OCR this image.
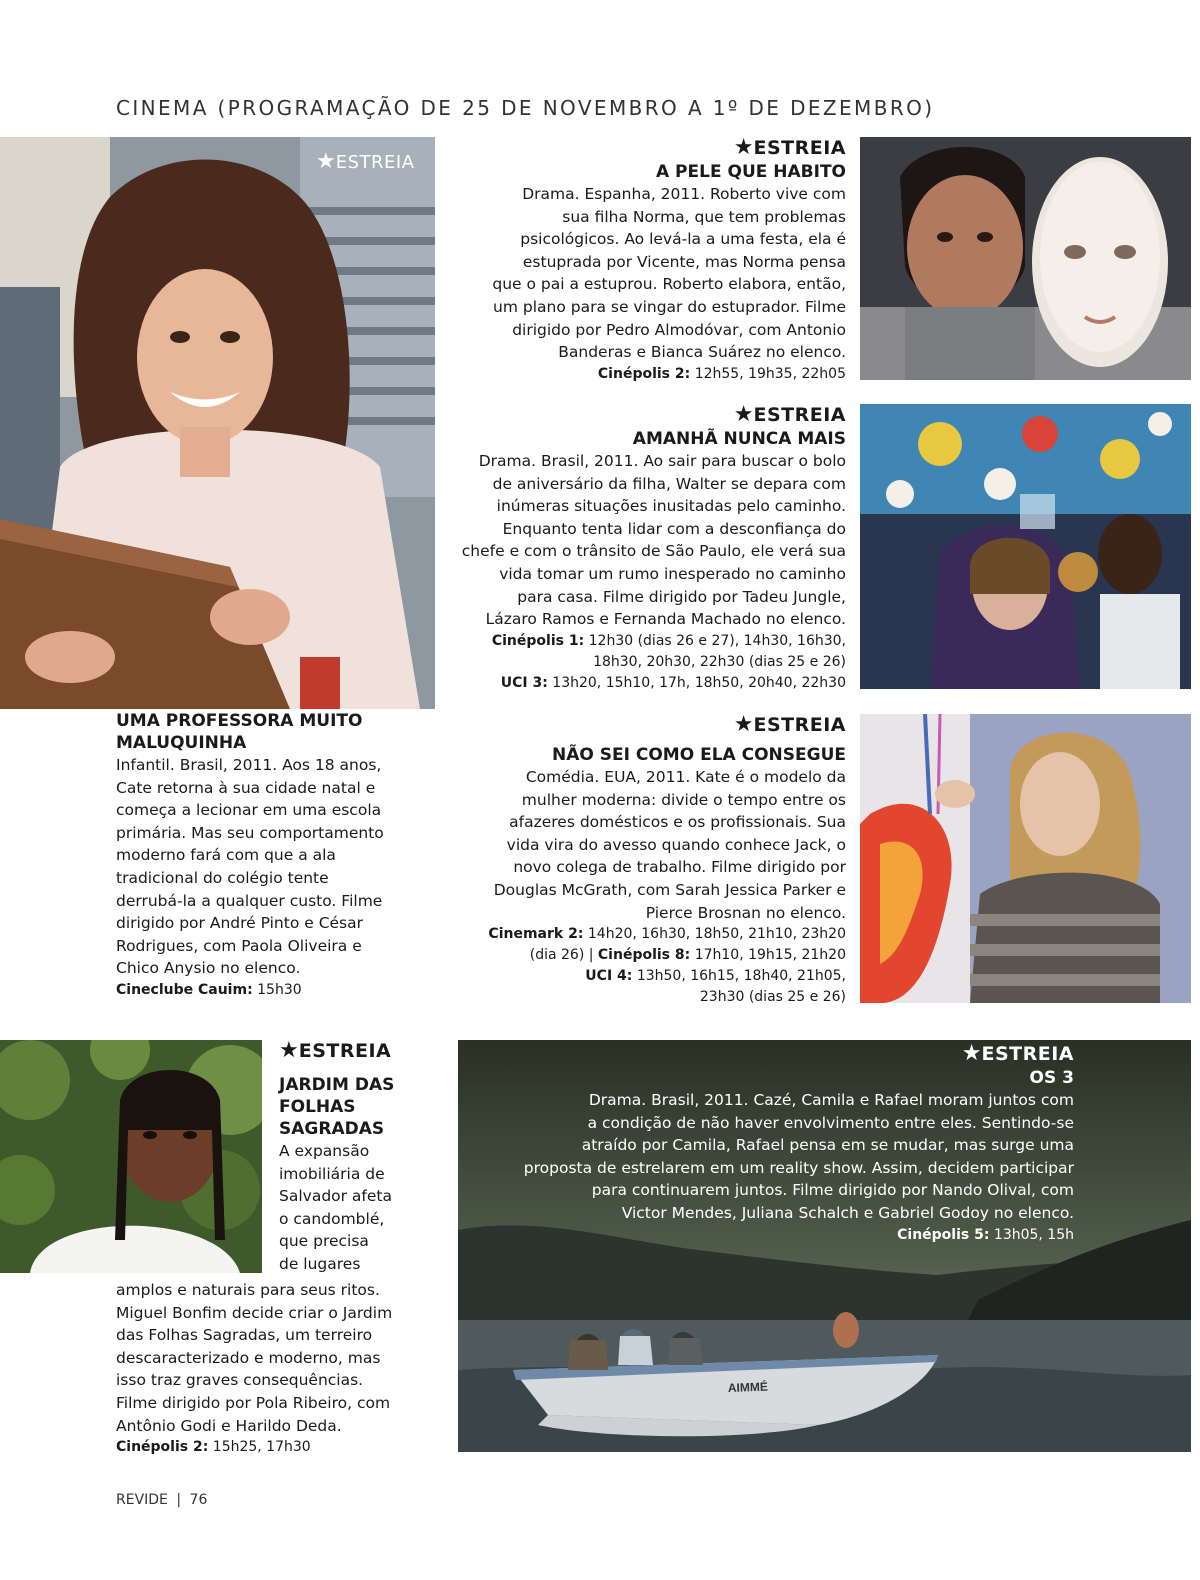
CINEMA (PROGRAMAÇÃO DE 25 DE NOVEMBRO A 1º DE DEZEMBRO)
★ESTREIA
UMA PROFESSORA MUITO
MALUQUINHA
Infantil. Brasil, 2011. Aos 18 anos,
Cate retorna à sua cidade natal e
começa a lecionar em uma escola
primária. Mas seu comportamento
moderno fará com que a ala
tradicional do colégio tente
derrubá-la a qualquer custo. Filme
dirigido por André Pinto e César
Rodrigues, com Paola Oliveira e
Chico Anysio no elenco.
Cineclube Cauim: 15h30
★ESTREIA
A PELE QUE HABITO
Drama. Espanha, 2011. Roberto vive com
sua filha Norma, que tem problemas
psicológicos. Ao levá-la a uma festa, ela é
estuprada por Vicente, mas Norma pensa
que o pai a estuprou. Roberto elabora, então,
um plano para se vingar do estuprador. Filme
dirigido por Pedro Almodóvar, com Antonio
Banderas e Bianca Suárez no elenco.
Cinépolis 2: 12h55, 19h35, 22h05
★ESTREIA
AMANHÃ NUNCA MAIS
Drama. Brasil, 2011. Ao sair para buscar o bolo
de aniversário da filha, Walter se depara com
inúmeras situações inusitadas pelo caminho.
Enquanto tenta lidar com a desconfiança do
chefe e com o trânsito de São Paulo, ele verá sua
vida tomar um rumo inesperado no caminho
para casa. Filme dirigido por Tadeu Jungle,
Lázaro Ramos e Fernanda Machado no elenco.
Cinépolis 1: 12h30 (dias 26 e 27), 14h30, 16h30,
18h30, 20h30, 22h30 (dias 25 e 26)
UCI 3: 13h20, 15h10, 17h, 18h50, 20h40, 22h30
★ESTREIA
NÃO SEI COMO ELA CONSEGUE
Comédia. EUA, 2011. Kate é o modelo da
mulher moderna: divide o tempo entre os
afazeres domésticos e os profissionais. Sua
vida vira do avesso quando conhece Jack, o
novo colega de trabalho. Filme dirigido por
Douglas McGrath, com Sarah Jessica Parker e
Pierce Brosnan no elenco.
Cinemark 2: 14h20, 16h30, 18h50, 21h10, 23h20
(dia 26) | Cinépolis 8: 17h10, 19h15, 21h20
UCI 4: 13h50, 16h15, 18h40, 21h05,
23h30 (dias 25 e 26)
★ESTREIA
JARDIM DAS
FOLHAS
SAGRADAS
A expansão
imobiliária de
Salvador afeta
o candomblé,
que precisa
de lugares
amplos e naturais para seus ritos.
Miguel Bonfim decide criar o Jardim
das Folhas Sagradas, um terreiro
descaracterizado e moderno, mas
isso traz graves consequências.
Filme dirigido por Pola Ribeiro, com
Antônio Godi e Harildo Deda.
Cinépolis 2: 15h25, 17h30
AIMMÉ
★ESTREIA
OS 3
Drama. Brasil, 2011. Cazé, Camila e Rafael moram juntos com
a condição de não haver envolvimento entre eles. Sentindo-se
atraído por Camila, Rafael pensa em se mudar, mas surge uma
proposta de estrelarem em um reality show. Assim, decidem participar
para continuarem juntos. Filme dirigido por Nando Olival, com
Victor Mendes, Juliana Schalch e Gabriel Godoy no elenco.
Cinépolis 5: 13h05, 15h
REVIDE | 76
